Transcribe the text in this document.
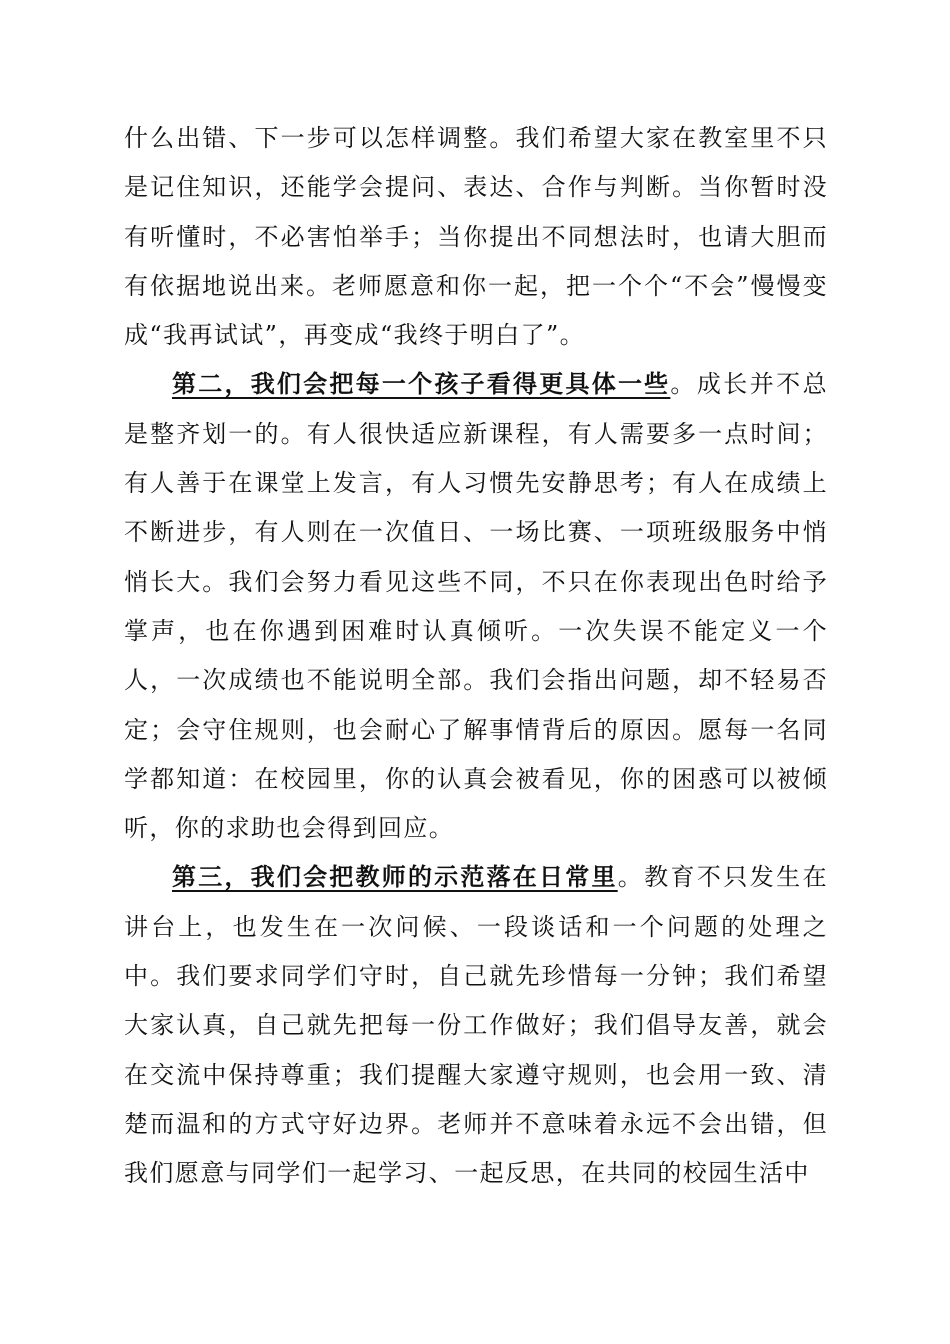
什么出错、下一步可以怎样调整。我们希望大家在教室里不只是记住知识，还能学会提问、表达、合作与判断。当你暂时没有听懂时，不必害怕举手；当你提出不同想法时，也请大胆而有依据地说出来。老师愿意和你一起，把一个个“不会”慢慢变成“我再试试”，再变成“我终于明白了”。

第二，我们会把每一个孩子看得更具体一些。成长并不总是整齐划一的。有人很快适应新课程，有人需要多一点时间；有人善于在课堂上发言，有人习惯先安静思考；有人在成绩上不断进步，有人则在一次值日、一场比赛、一项班级服务中悄悄长大。我们会努力看见这些不同，不只在你表现出色时给予掌声，也在你遇到困难时认真倾听。一次失误不能定义一个人，一次成绩也不能说明全部。我们会指出问题，却不轻易否定；会守住规则，也会耐心了解事情背后的原因。愿每一名同学都知道：在校园里，你的认真会被看见，你的困惑可以被倾听，你的求助也会得到回应。

第三，我们会把教师的示范落在日常里。教育不只发生在讲台上，也发生在一次问候、一段谈话和一个问题的处理之中。我们要求同学们守时，自己就先珍惜每一分钟；我们希望大家认真，自己就先把每一份工作做好；我们倡导友善，就会在交流中保持尊重；我们提醒大家遵守规则，也会用一致、清楚而温和的方式守好边界。老师并不意味着永远不会出错，但我们愿意与同学们一起学习、一起反思，在共同的校园生活中
